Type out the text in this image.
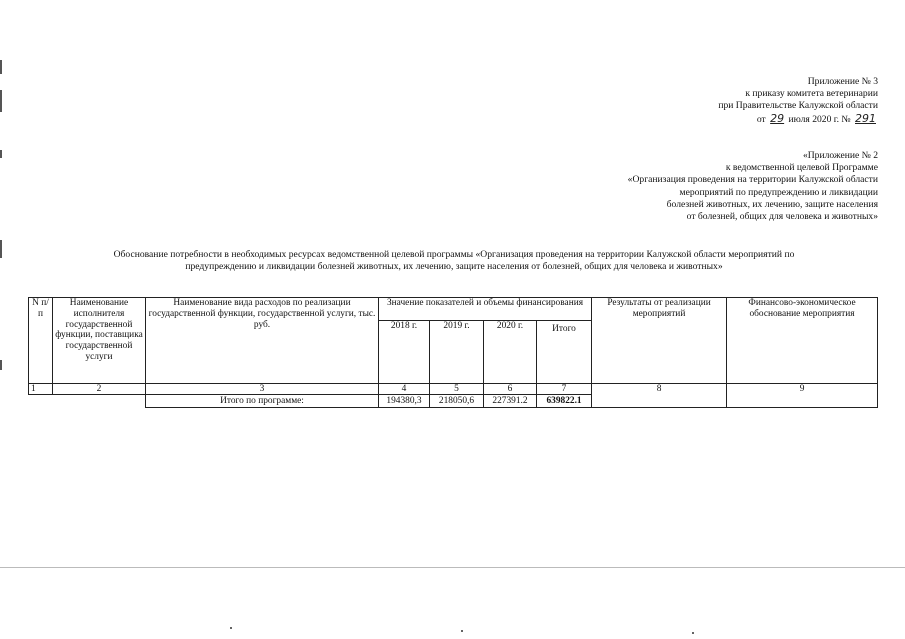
Приложение № 3
к приказу комитета ветеринарии
при Правительстве Калужской области
от 29 июля 2020 г. № 291
«Приложение № 2
к ведомственной целевой Программе
«Организация проведения на территории Калужской области
мероприятий по предупреждению и ликвидации
болезней животных, их лечению, защите населения
от болезней, общих для человека и животных»
Обоснование потребности в необходимых ресурсах ведомственной целевой программы «Организация проведения на территории Калужской области мероприятий по
предупреждению и ликвидации болезней животных, их лечению, защите населения от болезней, общих для человека и животных»
N п/ п	Наименование исполнителя государственной функции, поставщика государственной услуги	Наименование вида расходов по реализации государственной функции, государственной услуги, тыс. руб.	Значение показателей и объемы финансирования				Результаты от реализации мероприятий	Финансово-экономическое обоснование мероприятия
			2018 г.	2019 г.	2020 г.	Итого		
1	2	3	4	5	6	7	8	9
		Итого по программе:	194380,3	218050,6	227391.2	639822.1		
